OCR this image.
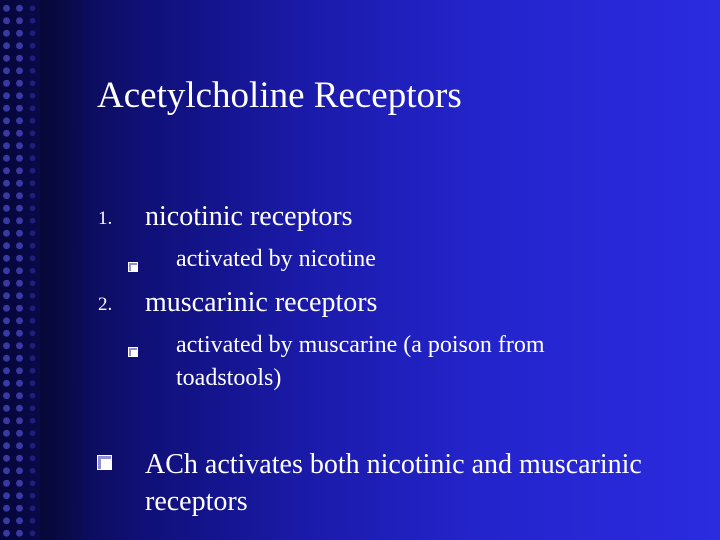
Acetylcholine Receptors
1. nicotinic receptors
activated by nicotine
2. muscarinic receptors
activated by muscarine (a poison from toadstools)
ACh activates both nicotinic and muscarinic receptors
